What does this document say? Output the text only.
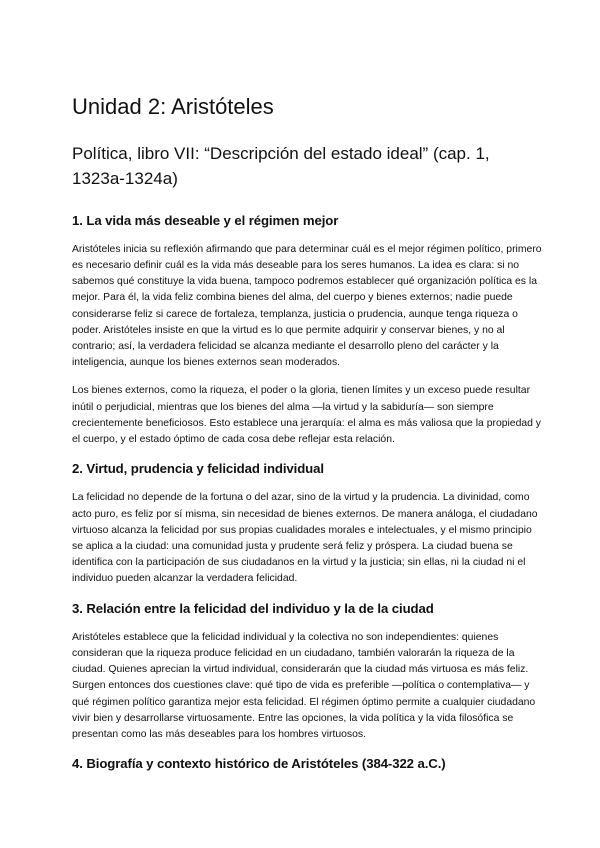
Unidad 2: Aristóteles
Política, libro VII: “Descripción del estado ideal” (cap. 1, 1323a-1324a)
1. La vida más deseable y el régimen mejor

Aristóteles inicia su reflexión afirmando que para determinar cuál es el mejor régimen político, primero es necesario definir cuál es la vida más deseable para los seres humanos. La idea es clara: si no sabemos qué constituye la vida buena, tampoco podremos establecer qué organización política es la mejor. Para él, la vida feliz combina bienes del alma, del cuerpo y bienes externos; nadie puede considerarse feliz si carece de fortaleza, templanza, justicia o prudencia, aunque tenga riqueza o poder. Aristóteles insiste en que la virtud es lo que permite adquirir y conservar bienes, y no al contrario; así, la verdadera felicidad se alcanza mediante el desarrollo pleno del carácter y la inteligencia, aunque los bienes externos sean moderados.

Los bienes externos, como la riqueza, el poder o la gloria, tienen límites y un exceso puede resultar inútil o perjudicial, mientras que los bienes del alma —la virtud y la sabiduría— son siempre crecientemente beneficiosos. Esto establece una jerarquía: el alma es más valiosa que la propiedad y el cuerpo, y el estado óptimo de cada cosa debe reflejar esta relación.

2. Virtud, prudencia y felicidad individual

La felicidad no depende de la fortuna o del azar, sino de la virtud y la prudencia. La divinidad, como acto puro, es feliz por sí misma, sin necesidad de bienes externos. De manera análoga, el ciudadano virtuoso alcanza la felicidad por sus propias cualidades morales e intelectuales, y el mismo principio se aplica a la ciudad: una comunidad justa y prudente será feliz y próspera. La ciudad buena se identifica con la participación de sus ciudadanos en la virtud y la justicia; sin ellas, ni la ciudad ni el individuo pueden alcanzar la verdadera felicidad.

3. Relación entre la felicidad del individuo y la de la ciudad

Aristóteles establece que la felicidad individual y la colectiva no son independientes: quienes consideran que la riqueza produce felicidad en un ciudadano, también valorarán la riqueza de la ciudad. Quienes aprecian la virtud individual, considerarán que la ciudad más virtuosa es más feliz. Surgen entonces dos cuestiones clave: qué tipo de vida es preferible —política o contemplativa— y qué régimen político garantiza mejor esta felicidad. El régimen óptimo permite a cualquier ciudadano vivir bien y desarrollarse virtuosamente. Entre las opciones, la vida política y la vida filosófica se presentan como las más deseables para los hombres virtuosos.

4. Biografía y contexto histórico de Aristóteles (384-322 a.C.)
